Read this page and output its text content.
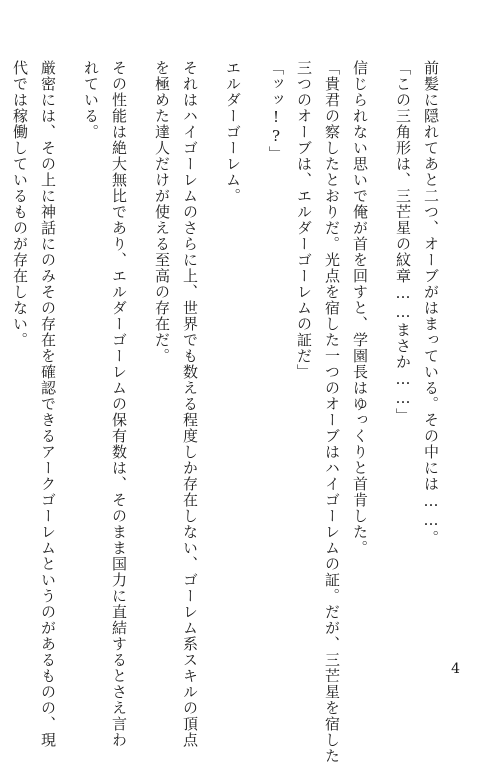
前髪に隠れてあと二つ、オーブがはまっている。その中には……。
「この三角形は、三芒星の紋章……まさか……」
信じられない思いで俺が首を回すと、学園長はゆっくりと首肯した。
「貴君の察したとおりだ。光点を宿した一つのオーブはハイゴーレムの証。だが、三芒星を宿した
三つのオーブは、エルダーゴーレムの証だ」
「ッッ!?」
エルダーゴーレム。
それはハイゴーレムのさらに上、世界でも数える程度しか存在しない、ゴーレム系スキルの頂点
を極めた達人だけが使える至高の存在だ。
その性能は絶大無比であり、エルダーゴーレムの保有数は、そのまま国力に直結するとさえ言わ
れている。
厳密には、その上に神話にのみその存在を確認できるアークゴーレムというのがあるものの、現
代では稼働しているものが存在しない。
4
